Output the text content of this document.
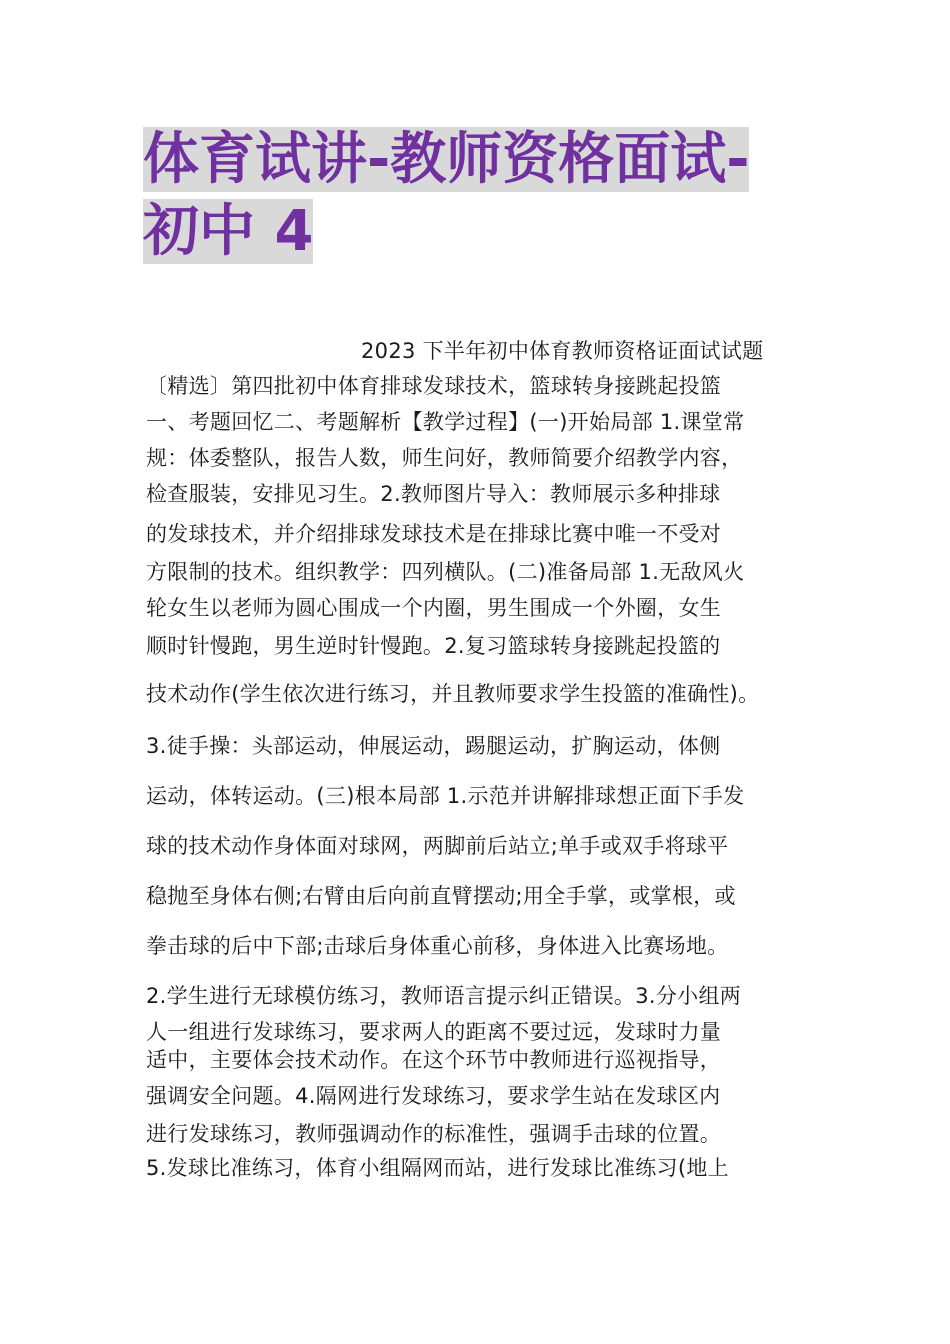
体育试讲-教师资格面试-
初中 4

2023 下半年初中体育教师资格证面试试题

〔精选〕第四批初中体育排球发球技术，篮球转身接跳起投篮

一、考题回忆二、考题解析【教学过程】(一)开始局部 1.课堂常

规：体委整队，报告人数，师生问好，教师简要介绍教学内容，

检查服装，安排见习生。2.教师图片导入：教师展示多种排球

的发球技术，并介绍排球发球技术是在排球比赛中唯一不受对

方限制的技术。组织教学：四列横队。(二)准备局部 1.无敌风火

轮女生以老师为圆心围成一个内圈，男生围成一个外圈，女生

顺时针慢跑，男生逆时针慢跑。2.复习篮球转身接跳起投篮的

技术动作(学生依次进行练习，并且教师要求学生投篮的准确性)。

3.徒手操：头部运动，伸展运动，踢腿运动，扩胸运动，体侧

运动，体转运动。(三)根本局部 1.示范并讲解排球想正面下手发

球的技术动作身体面对球网，两脚前后站立;单手或双手将球平

稳抛至身体右侧;右臂由后向前直臂摆动;用全手掌，或掌根，或

拳击球的后中下部;击球后身体重心前移，身体进入比赛场地。

2.学生进行无球模仿练习，教师语言提示纠正错误。3.分小组两

人一组进行发球练习，要求两人的距离不要过远，发球时力量

适中，主要体会技术动作。在这个环节中教师进行巡视指导，

强调安全问题。4.隔网进行发球练习，要求学生站在发球区内

进行发球练习，教师强调动作的标准性，强调手击球的位置。

5.发球比准练习，体育小组隔网而站，进行发球比准练习(地上
